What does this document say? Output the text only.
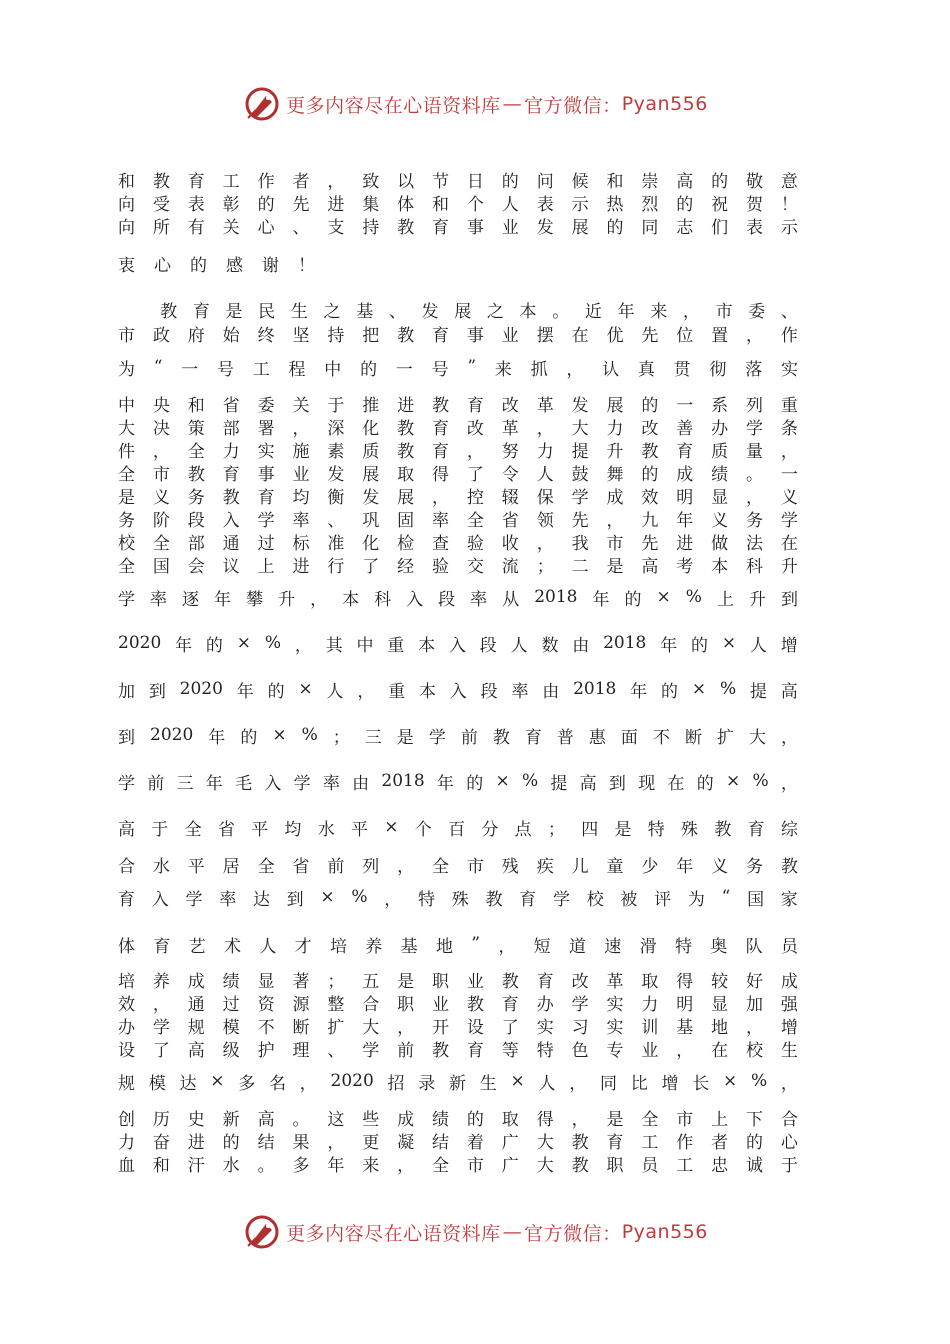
更多内容尽在心语资料库 — 官方微信： Pyan556
和 教 育 工 作 者 ， 致 以 节 日 的 问 候 和 崇 高 的 敬 意
向 受 表 彰 的 先 进 集 体 和 个 人 表 示 热 烈 的 祝 贺 ！
向 所 有 关 心 、 支 持 教 育 事 业 发 展 的 同 志 们 表 示
衷 心 的 感 谢 ！

教 育 是 民 生 之 基 、 发 展 之 本 。 近 年 来 ， 市 委 、
市 政 府 始 终 坚 持 把 教 育 事 业 摆 在 优 先 位 置 ， 作
为 “ 一 号 工 程 中 的 一 号 ” 来 抓 ， 认 真 贯 彻 落 实
中 央 和 省 委 关 于 推 进 教 育 改 革 发 展 的 一 系 列 重
大 决 策 部 署 ， 深 化 教 育 改 革 ， 大 力 改 善 办 学 条
件 ， 全 力 实 施 素 质 教 育 ， 努 力 提 升 教 育 质 量 ，
全 市 教 育 事 业 发 展 取 得 了 令 人 鼓 舞 的 成 绩 。 一
是 义 务 教 育 均 衡 发 展 ， 控 辍 保 学 成 效 明 显 ， 义
务 阶 段 入 学 率 、 巩 固 率 全 省 领 先 ， 九 年 义 务 学
校 全 部 通 过 标 准 化 检 查 验 收 ， 我 市 先 进 做 法 在
全 国 会 议 上 进 行 了 经 验 交 流 ； 二 是 高 考 本 科 升
学 率 逐 年 攀 升 ， 本 科 入 段 率 从 2018 年 的 × % 上 升 到
2020 年 的 × % ， 其 中 重 本 入 段 人 数 由 2018 年 的 × 人 增
加 到 2020 年 的 × 人 ， 重 本 入 段 率 由 2018 年 的 × % 提 高
到 2020 年 的 × % ； 三 是 学 前 教 育 普 惠 面 不 断 扩 大 ，
学 前 三 年 毛 入 学 率 由 2018 年 的 × % 提 高 到 现 在 的 × % ，
高 于 全 省 平 均 水 平 × 个 百 分 点 ； 四 是 特 殊 教 育 综
合 水 平 居 全 省 前 列 ， 全 市 残 疾 儿 童 少 年 义 务 教
育 入 学 率 达 到 × % ， 特 殊 教 育 学 校 被 评 为 “ 国 家
体 育 艺 术 人 才 培 养 基 地 ” ， 短 道 速 滑 特 奥 队 员
培 养 成 绩 显 著 ； 五 是 职 业 教 育 改 革 取 得 较 好 成
效 ， 通 过 资 源 整 合 职 业 教 育 办 学 实 力 明 显 加 强
办 学 规 模 不 断 扩 大 ， 开 设 了 实 习 实 训 基 地 ， 增
设 了 高 级 护 理 、 学 前 教 育 等 特 色 专 业 ， 在 校 生
规 模 达 × 多 名 ， 2020 招 录 新 生 × 人 ， 同 比 增 长 × % ，
创 历 史 新 高 。 这 些 成 绩 的 取 得 ， 是 全 市 上 下 合
力 奋 进 的 结 果 ， 更 凝 结 着 广 大 教 育 工 作 者 的 心
血 和 汗 水 。 多 年 来 ， 全 市 广 大 教 职 员 工 忠 诚 于
更多内容尽在心语资料库 — 官方微信： Pyan556
